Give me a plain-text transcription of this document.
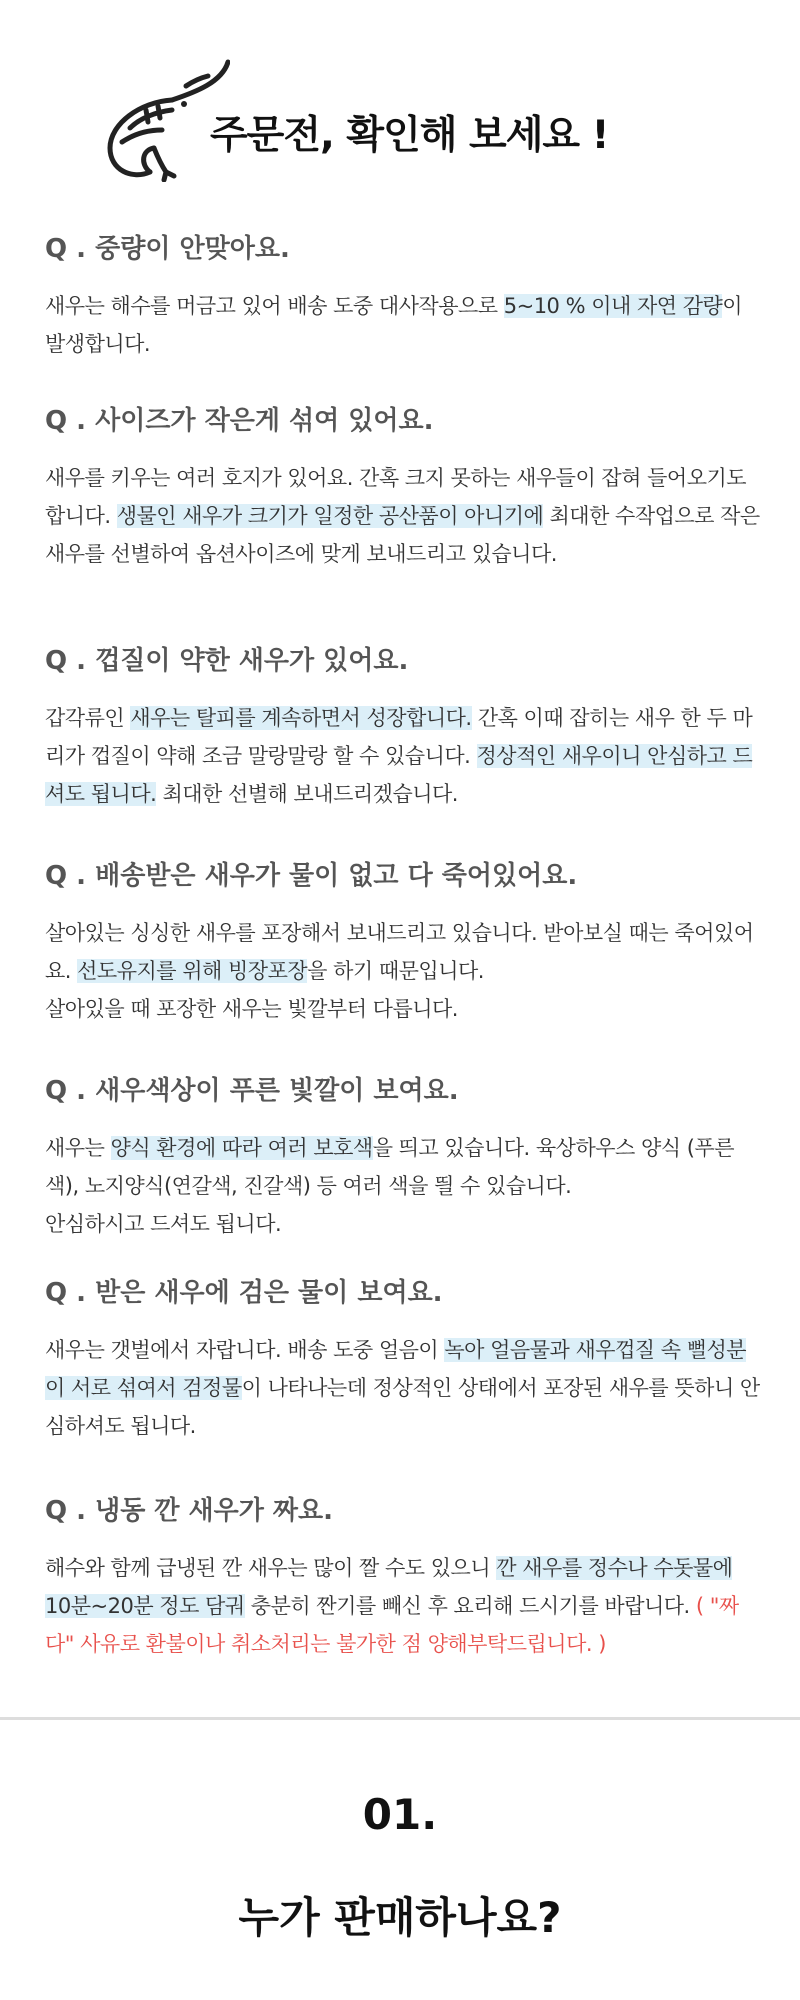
주문전, 확인해 보세요 !
Q . 중량이 안맞아요.

새우는 해수를 머금고 있어 배송 도중 대사작용으로 5~10 % 이내 자연 감량이 발생합니다.

Q . 사이즈가 작은게 섞여 있어요.

새우를 키우는 여러 호지가 있어요. 간혹 크지 못하는 새우들이 잡혀 들어오기도 합니다. 생물인 새우가 크기가 일정한 공산품이 아니기에 최대한 수작업으로 작은 새우를 선별하여 옵션사이즈에 맞게 보내드리고 있습니다.

Q . 껍질이 약한 새우가 있어요.

갑각류인 새우는 탈피를 계속하면서 성장합니다. 간혹 이때 잡히는 새우 한 두 마리가 껍질이 약해 조금 말랑말랑 할 수 있습니다. 정상적인 새우이니 안심하고 드셔도 됩니다. 최대한 선별해 보내드리겠습니다.

Q . 배송받은 새우가 물이 없고 다 죽어있어요.

살아있는 싱싱한 새우를 포장해서 보내드리고 있습니다. 받아보실 때는 죽어있어요. 선도유지를 위해 빙장포장을 하기 때문입니다.
살아있을 때 포장한 새우는 빛깔부터 다릅니다.

Q . 새우색상이 푸른 빛깔이 보여요.

새우는 양식 환경에 따라 여러 보호색을 띄고 있습니다. 육상하우스 양식 (푸른색), 노지양식(연갈색, 진갈색) 등 여러 색을 띌 수 있습니다.
안심하시고 드셔도 됩니다.

Q . 받은 새우에 검은 물이 보여요.

새우는 갯벌에서 자랍니다. 배송 도중 얼음이 녹아 얼음물과 새우껍질 속 뻘성분이 서로 섞여서 검정물이 나타나는데 정상적인 상태에서 포장된 새우를 뜻하니 안심하셔도 됩니다.

Q . 냉동 깐 새우가 짜요.

해수와 함께 급냉된 깐 새우는 많이 짤 수도 있으니 깐 새우를 정수나 수돗물에 10분~20분 정도 담궈 충분히 짠기를 빼신 후 요리해 드시기를 바랍니다. ( "짜다" 사유로 환불이나 취소처리는 불가한 점 양해부탁드립니다. )

01.
누가 판매하나요?
